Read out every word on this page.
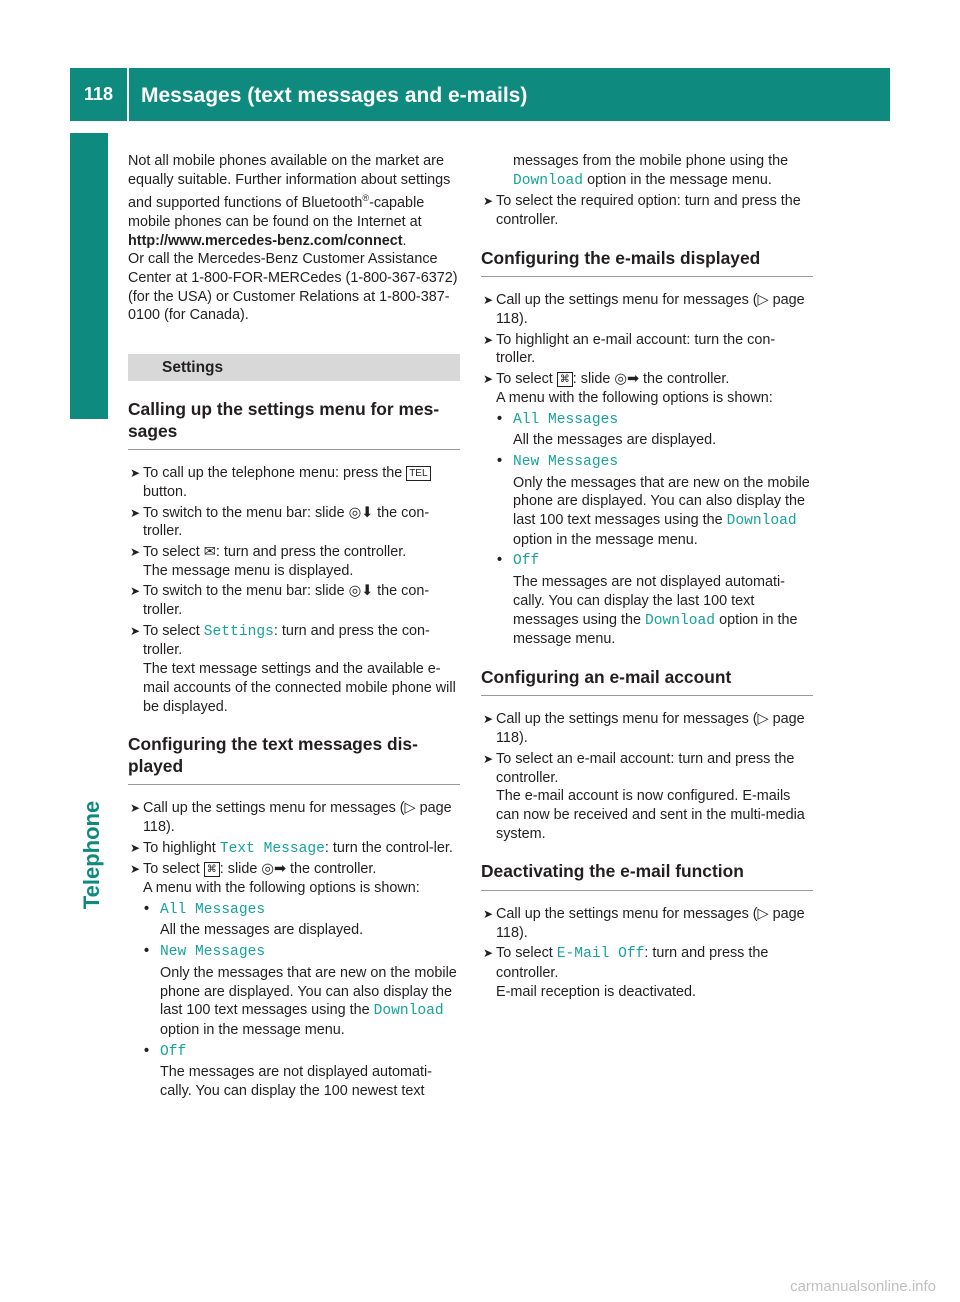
118	Messages (text messages and e-mails)
Telephone

Not all mobile phones available on the market are equally suitable. Further information about settings and supported functions of Bluetooth®-capable mobile phones can be found on the Internet at
http://www.mercedes-benz.com/connect.

Or call the Mercedes-Benz Customer Assistance Center at 1-800-FOR-MERCedes (1-800-367-6372) (for the USA) or Customer Relations at 1-800-387-0100 (for Canada).

Settings
Calling up the settings menu for mes-sages
➤ To call up the telephone menu: press the TEL button.
➤ To switch to the menu bar: slide ◎⬇ the con-troller.
➤ To select ✉: turn and press the controller.
The message menu is displayed.
➤ To switch to the menu bar: slide ◎⬇ the con-troller.
➤ To select Settings: turn and press the con-troller.
The text message settings and the available e-mail accounts of the connected mobile phone will be displayed.
Configuring the text messages dis-played
➤ Call up the settings menu for messages (▷ page 118).
➤ To highlight Text Message: turn the control-ler.
➤ To select ⌘ : slide ◎➡ the controller.
A menu with the following options is shown:
• All Messages
All the messages are displayed.
• New Messages
Only the messages that are new on the mobile phone are displayed. You can also display the last 100 text messages using the Download option in the message menu.
• Off
The messages are not displayed automati-cally. You can display the 100 newest text
messages from the mobile phone using the Download option in the message menu.
➤ To select the required option: turn and press the controller.
Configuring the e-mails displayed
➤ Call up the settings menu for messages (▷ page 118).
➤ To highlight an e-mail account: turn the con-troller.
➤ To select ⌘ : slide ◎➡ the controller.
A menu with the following options is shown:
• All Messages
All the messages are displayed.
• New Messages
Only the messages that are new on the mobile phone are displayed. You can also display the last 100 text messages using the Download option in the message menu.
• Off
The messages are not displayed automati-cally. You can display the last 100 text messages using the Download option in the message menu.
Configuring an e-mail account
➤ Call up the settings menu for messages (▷ page 118).
➤ To select an e-mail account: turn and press the controller.
The e-mail account is now configured. E-mails can now be received and sent in the multi-media system.
Deactivating the e-mail function
➤ Call up the settings menu for messages (▷ page 118).
➤ To select E-Mail Off: turn and press the controller.
E-mail reception is deactivated.
carmanualsonline.info
